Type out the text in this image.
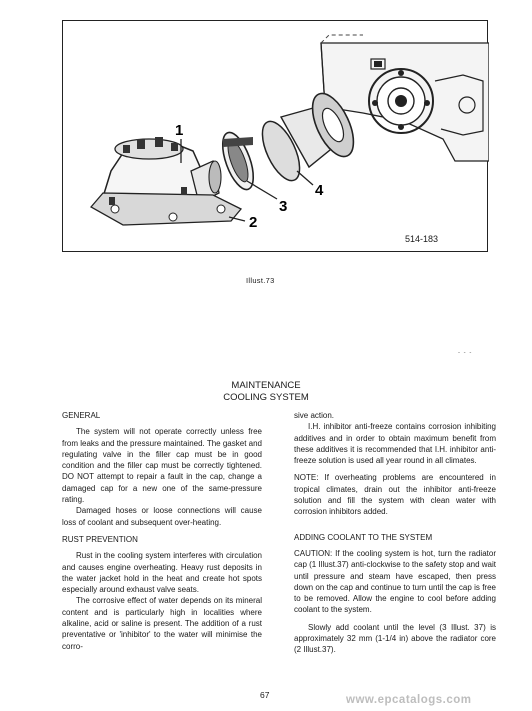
1
2
3
4
514-183
Illust.73
- - -
MAINTENANCE
COOLING SYSTEM

GENERAL

The system will not operate correctly unless free from leaks and the pressure maintained. The gasket and regulating valve in the filler cap must be in good condition and the filler cap must be correctly tightened. DO NOT attempt to repair a fault in the cap, change a damaged cap for a new one of the same-pressure rating.

Damaged hoses or loose connections will cause loss of coolant and subsequent over-heating.

RUST PREVENTION

Rust in the cooling system interferes with circulation and causes engine overheating. Heavy rust deposits in the water jacket hold in the heat and create hot spots especially around exhaust valve seats.

The corrosive effect of water depends on its mineral content and is particularly high in localities where alkaline, acid or saline is present. The addition of a rust preventative or 'inhibitor' to the water will minimise the corro-

sive action.

I.H. inhibitor anti-freeze contains corrosion inhibiting additives and in order to obtain maximum benefit from these additives it is recommended that I.H. inhibitor anti-freeze solution is used all year round in all climates.

NOTE: If overheating problems are encountered in tropical climates, drain out the inhibitor anti-freeze solution and fill the system with clean water with corrosion inhibitors added.

ADDING COOLANT TO THE SYSTEM

CAUTION: If the cooling system is hot, turn the radiator cap (1 Illust.37) anti-clockwise to the safety stop and wait until pressure and steam have escaped, then press down on the cap and continue to turn until the cap is free to be removed. Allow the engine to cool before adding coolant to the system.

Slowly add coolant until the level (3 Illust. 37) is approximately 32 mm (1-1/4 in) above the radiator core (2 Illust.37).

67	www.epcatalogs.com
